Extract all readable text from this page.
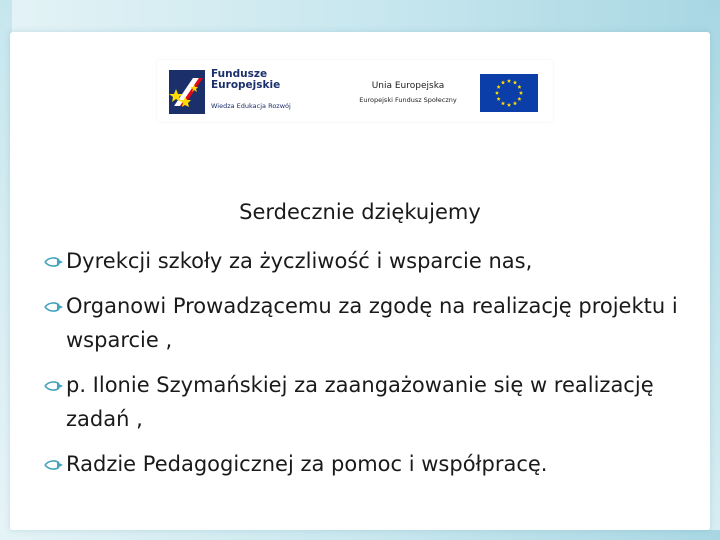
Fundusze
Europejskie
Wiedza Edukacja Rozwój
Unia Europejska
Europejski Fundusz Społeczny
Serdecznie dziękujemy
Dyrekcji szkoły za życzliwość i wsparcie nas,
Organowi Prowadzącemu za zgodę na realizację projektu i wsparcie ,
p. Ilonie Szymańskiej za zaangażowanie się w realizację zadań ,
Radzie Pedagogicznej za pomoc i współpracę.
